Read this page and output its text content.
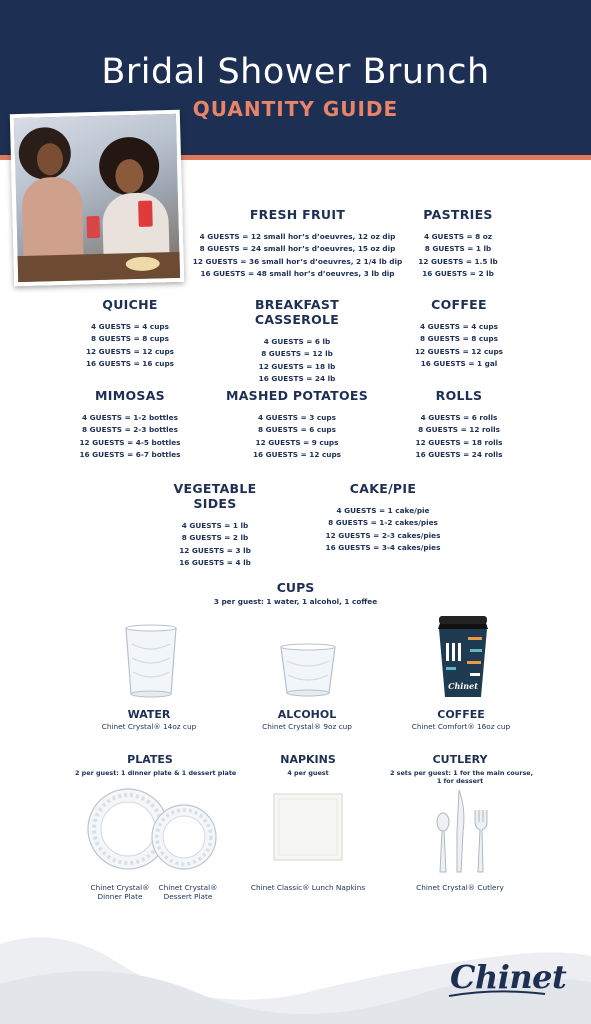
Bridal Shower Brunch
QUANTITY GUIDE
FRESH FRUIT
4 GUESTS = 12 small hor’s d’oeuvres, 12 oz dip
8 GUESTS = 24 small hor’s d’oeuvres, 15 oz dip
12 GUESTS = 36 small hor’s d’oeuvres, 2 1/4 lb dip
16 GUESTS = 48 small hor’s d’oeuvres, 3 lb dip
PASTRIES
4 GUESTS = 8 oz
8 GUESTS = 1 lb
12 GUESTS = 1.5 lb
16 GUESTS = 2 lb
QUICHE
4 GUESTS = 4 cups
8 GUESTS = 8 cups
12 GUESTS = 12 cups
16 GUESTS = 16 cups
BREAKFAST CASSEROLE
4 GUESTS = 6 lb
8 GUESTS = 12 lb
12 GUESTS = 18 lb
16 GUESTS = 24 lb
COFFEE
4 GUESTS = 4 cups
8 GUESTS = 8 cups
12 GUESTS = 12 cups
16 GUESTS = 1 gal
MIMOSAS
4 GUESTS = 1-2 bottles
8 GUESTS = 2-3 bottles
12 GUESTS = 4-5 bottles
16 GUESTS = 6-7 bottles
MASHED POTATOES
4 GUESTS = 3 cups
8 GUESTS = 6 cups
12 GUESTS = 9 cups
16 GUESTS = 12 cups
ROLLS
4 GUESTS = 6 rolls
8 GUESTS = 12 rolls
12 GUESTS = 18 rolls
16 GUESTS = 24 rolls
VEGETABLE SIDES
4 GUESTS = 1 lb
8 GUESTS = 2 lb
12 GUESTS = 3 lb
16 GUESTS = 4 lb
CAKE/PIE
4 GUESTS = 1 cake/pie
8 GUESTS = 1-2 cakes/pies
12 GUESTS = 2-3 cakes/pies
16 GUESTS = 3-4 cakes/pies
CUPS
3 per guest: 1 water, 1 alcohol, 1 coffee
Chinet
WATER
Chinet Crystal® 14oz cup
ALCOHOL
Chinet Crystal® 9oz cup
COFFEE
Chinet Comfort® 16oz cup
PLATES
2 per guest: 1 dinner plate & 1 dessert plate
NAPKINS
4 per guest
CUTLERY
2 sets per guest: 1 for the main course,
1 for dessert
Chinet Crystal®
Dinner Plate
Chinet Crystal®
Dessert Plate
Chinet Classic® Lunch Napkins	Chinet Crystal® Cutlery
Chinet
